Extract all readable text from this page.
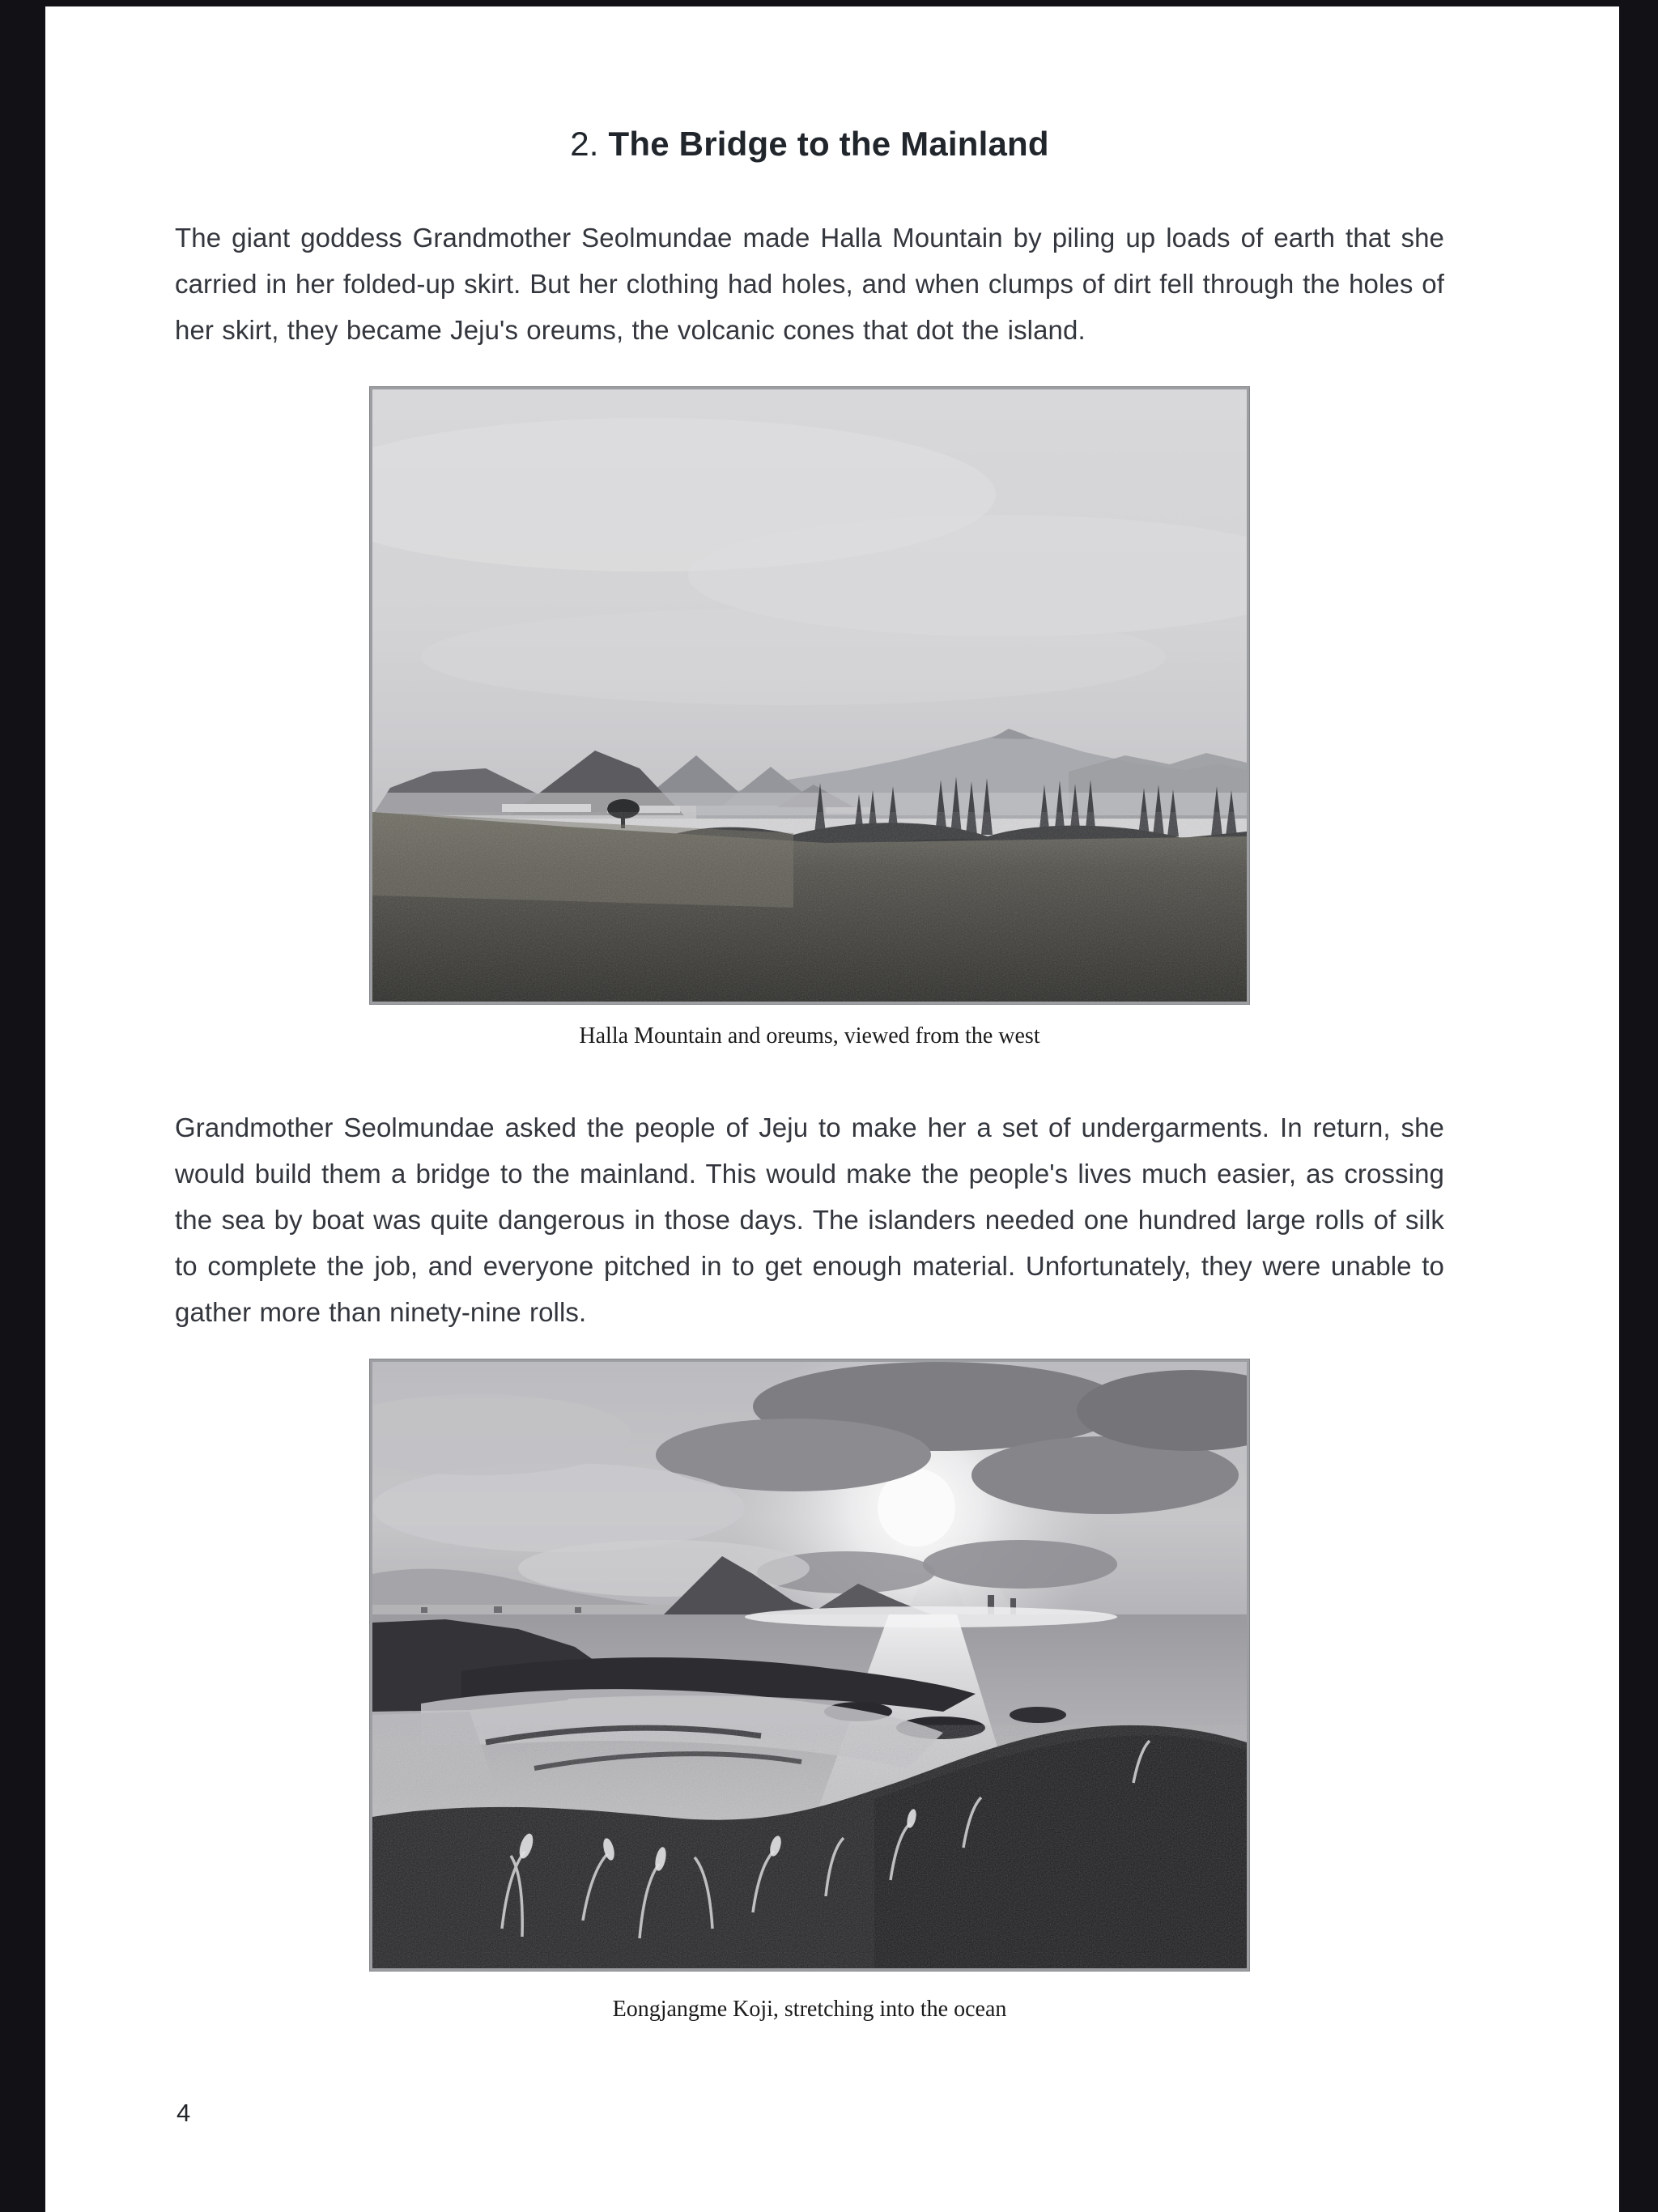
2. The Bridge to the Mainland

The giant goddess Grandmother Seolmundae made Halla Mountain by piling up loads of earth that she carried in her folded-up skirt. But her clothing had holes, and when clumps of dirt fell through the holes of her skirt, they became Jeju's oreums, the volcanic cones that dot the island.

Halla Mountain and oreums, viewed from the west

Grandmother Seolmundae asked the people of Jeju to make her a set of undergarments. In return, she would build them a bridge to the mainland. This would make the people's lives much easier, as crossing the sea by boat was quite dangerous in those days. The islanders needed one hundred large rolls of silk to complete the job, and everyone pitched in to get enough material. Unfortunately, they were unable to gather more than ninety-nine rolls.

Eongjangme Koji, stretching into the ocean
4
